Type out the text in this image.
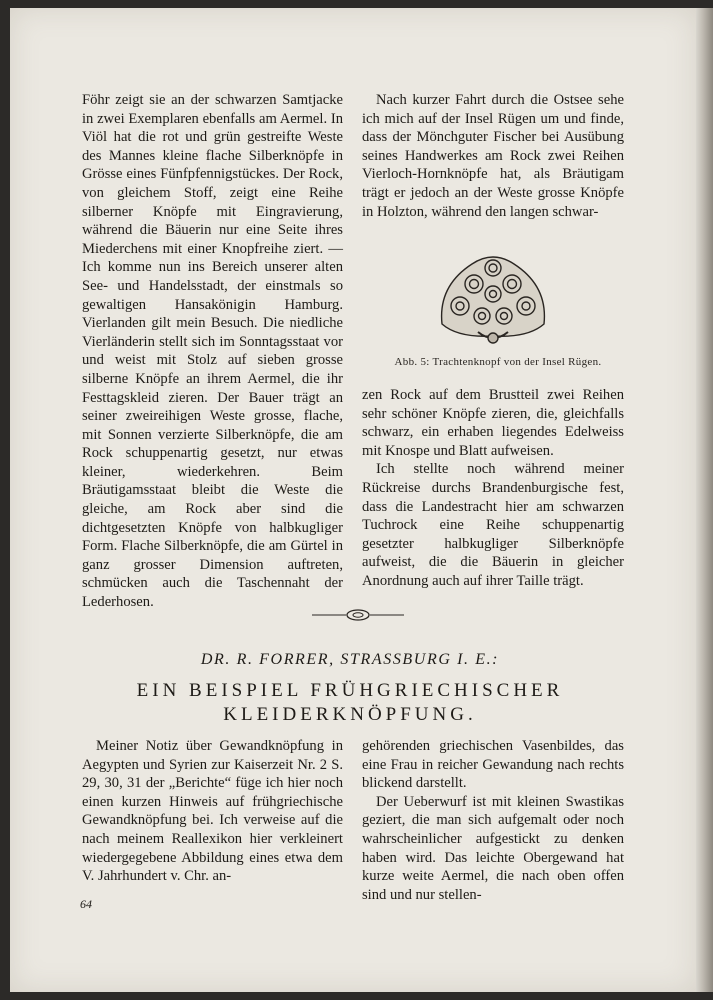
Föhr zeigt sie an der schwarzen Samtjacke in zwei Exemplaren ebenfalls am Aermel. In Viöl hat die rot und grün gestreifte Weste des Mannes kleine flache Silberknöpfe in Grösse eines Fünfpfennigstückes. Der Rock, von gleichem Stoff, zeigt eine Reihe silberner Knöpfe mit Eingravierung, während die Bäuerin nur eine Seite ihres Miederchens mit einer Knopfreihe ziert. — Ich komme nun ins Bereich unserer alten See- und Handelsstadt, der einstmals so gewaltigen Hansakönigin Hamburg. Vierlanden gilt mein Besuch. Die niedliche Vierländerin stellt sich im Sonntagsstaat vor und weist mit Stolz auf sieben grosse silberne Knöpfe an ihrem Aermel, die ihr Festtagskleid zieren. Der Bauer trägt an seiner zweireihigen Weste grosse, flache, mit Sonnen verzierte Silberknöpfe, die am Rock schuppenartig gesetzt, nur etwas kleiner, wiederkehren. Beim Bräutigamsstaat bleibt die Weste die gleiche, am Rock aber sind die dichtgesetzten Knöpfe von halbkugliger Form. Flache Silberknöpfe, die am Gürtel in ganz grosser Dimension auftreten, schmücken auch die Taschennaht der Lederhosen.

Nach kurzer Fahrt durch die Ostsee sehe ich mich auf der Insel Rügen um und finde, dass der Mönchguter Fischer bei Ausübung seines Handwerkes am Rock zwei Reihen Vierloch-Hornknöpfe hat, als Bräutigam trägt er jedoch an der Weste grosse Knöpfe in Holzton, während den langen schwar-

Abb. 5: Trachtenknopf von der Insel Rügen.

zen Rock auf dem Brustteil zwei Reihen sehr schöner Knöpfe zieren, die, gleichfalls schwarz, ein erhaben liegendes Edelweiss mit Knospe und Blatt aufweisen.

Ich stellte noch während meiner Rückreise durchs Brandenburgische fest, dass die Landestracht hier am schwarzen Tuchrock eine Reihe schuppenartig gesetzter halbkugliger Silberknöpfe aufweist, die die Bäuerin in gleicher Anordnung auch auf ihrer Taille trägt.

DR. R. FORRER, STRASSBURG I. E.:
EIN BEISPIEL FRÜHGRIECHISCHER KLEIDERKNÖPFUNG.

Meiner Notiz über Gewandknöpfung in Aegypten und Syrien zur Kaiserzeit Nr. 2 S. 29, 30, 31 der „Berichte“ füge ich hier noch einen kurzen Hinweis auf frühgriechische Gewandknöpfung bei. Ich verweise auf die nach meinem Reallexikon hier verkleinert wiedergegebene Abbildung eines etwa dem V. Jahrhundert v. Chr. an-

gehörenden griechischen Vasenbildes, das eine Frau in reicher Gewandung nach rechts blickend darstellt.

Der Ueberwurf ist mit kleinen Swastikas geziert, die man sich aufgemalt oder noch wahrscheinlicher aufgestickt zu denken haben wird. Das leichte Obergewand hat kurze weite Aermel, die nach oben offen sind und nur stellen-

64
